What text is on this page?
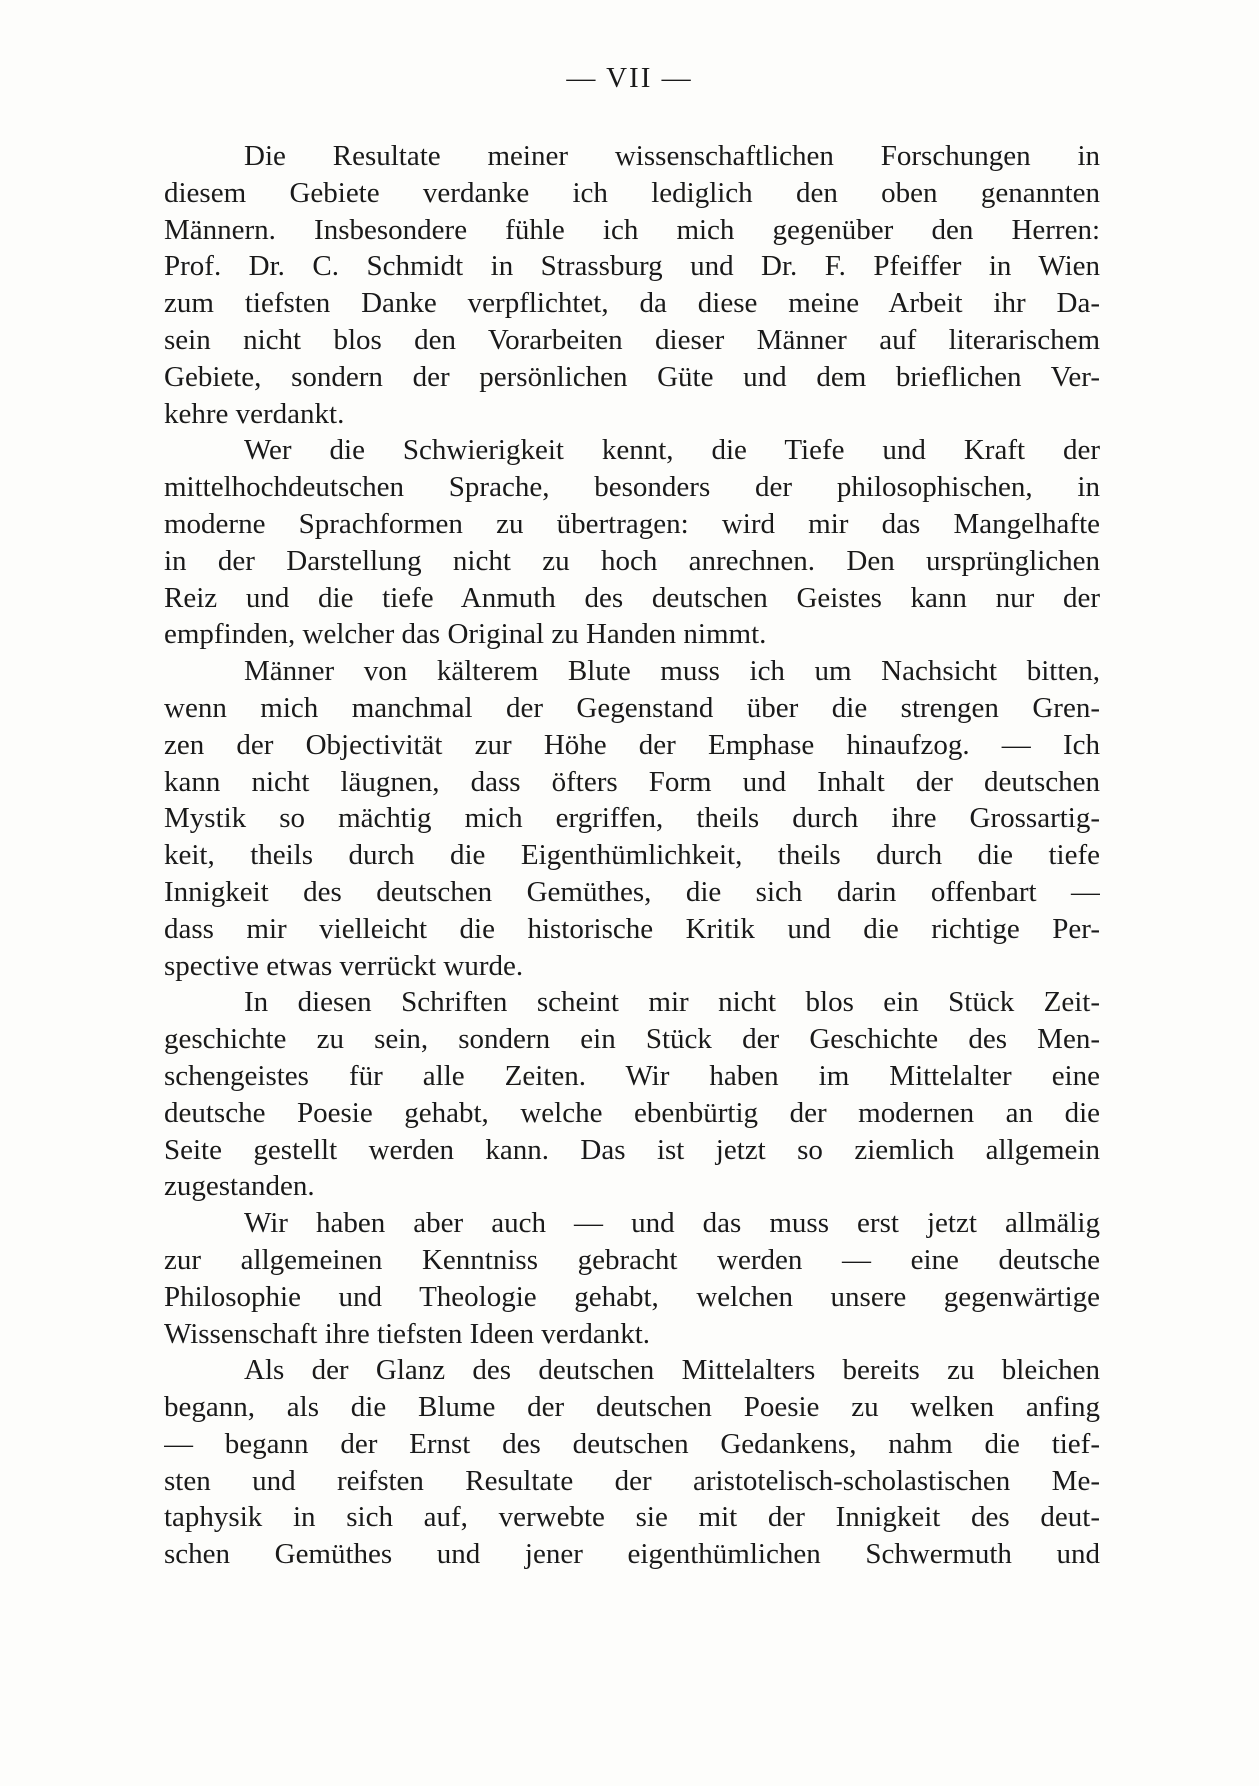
— VII —
Die Resultate meiner wissenschaftlichen Forschungen in
diesem Gebiete verdanke ich lediglich den oben genannten
Männern. Insbesondere fühle ich mich gegenüber den Herren:
Prof. Dr. C. Schmidt in Strassburg und Dr. F. Pfeiffer in Wien
zum tiefsten Danke verpflichtet, da diese meine Arbeit ihr Da-
sein nicht blos den Vorarbeiten dieser Männer auf literarischem
Gebiete, sondern der persönlichen Güte und dem brieflichen Ver-
kehre verdankt.
Wer die Schwierigkeit kennt, die Tiefe und Kraft der
mittelhochdeutschen Sprache, besonders der philosophischen, in
moderne Sprachformen zu übertragen: wird mir das Mangelhafte
in der Darstellung nicht zu hoch anrechnen. Den ursprünglichen
Reiz und die tiefe Anmuth des deutschen Geistes kann nur der
empfinden, welcher das Original zu Handen nimmt.
Männer von kälterem Blute muss ich um Nachsicht bitten,
wenn mich manchmal der Gegenstand über die strengen Gren-
zen der Objectivität zur Höhe der Emphase hinaufzog. — Ich
kann nicht läugnen, dass öfters Form und Inhalt der deutschen
Mystik so mächtig mich ergriffen, theils durch ihre Grossartig-
keit, theils durch die Eigenthümlichkeit, theils durch die tiefe
Innigkeit des deutschen Gemüthes, die sich darin offenbart —
dass mir vielleicht die historische Kritik und die richtige Per-
spective etwas verrückt wurde.
In diesen Schriften scheint mir nicht blos ein Stück Zeit-
geschichte zu sein, sondern ein Stück der Geschichte des Men-
schengeistes für alle Zeiten. Wir haben im Mittelalter eine
deutsche Poesie gehabt, welche ebenbürtig der modernen an die
Seite gestellt werden kann. Das ist jetzt so ziemlich allgemein
zugestanden.
Wir haben aber auch — und das muss erst jetzt allmälig
zur allgemeinen Kenntniss gebracht werden — eine deutsche
Philosophie und Theologie gehabt, welchen unsere gegenwärtige
Wissenschaft ihre tiefsten Ideen verdankt.
Als der Glanz des deutschen Mittelalters bereits zu bleichen
begann, als die Blume der deutschen Poesie zu welken anfing
— begann der Ernst des deutschen Gedankens, nahm die tief-
sten und reifsten Resultate der aristotelisch-scholastischen Me-
taphysik in sich auf, verwebte sie mit der Innigkeit des deut-
schen Gemüthes und jener eigenthümlichen Schwermuth und
